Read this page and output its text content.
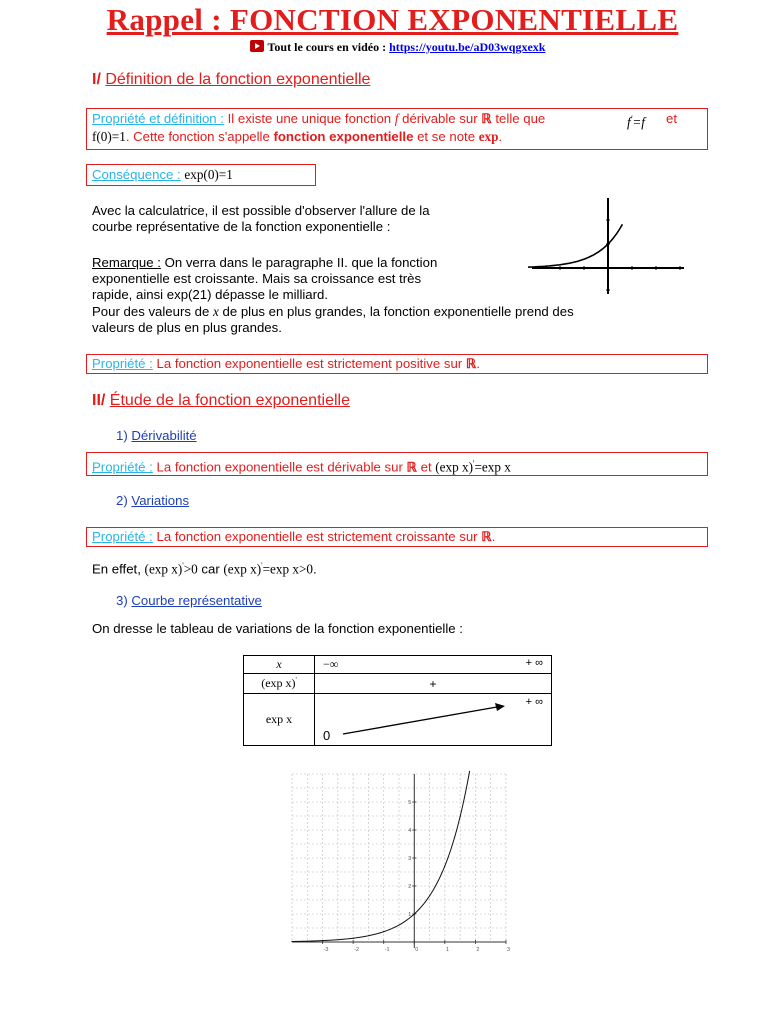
Rappel : FONCTION EXPONENTIELLE
Tout le cours en vidéo : https://youtu.be/aD03wqgxexk
I/ Définition de la fonction exponentielle
Propriété et définition : Il existe une unique fonction f dérivable sur ℝ telle que	f'=f et
f(0)=1. Cette fonction s'appelle fonction exponentielle et se note exp.
Conséquence : exp(0)=1
Avec la calculatrice, il est possible d'observer l'allure de la
courbe représentative de la fonction exponentielle :
Remarque : On verra dans le paragraphe II. que la fonction
exponentielle est croissante. Mais sa croissance est très
rapide, ainsi exp(21) dépasse le milliard.
Pour des valeurs de x de plus en plus grandes, la fonction exponentielle prend des
valeurs de plus en plus grandes.
Propriété : La fonction exponentielle est strictement positive sur ℝ.
II/ Étude de la fonction exponentielle
1) Dérivabilité
Propriété : La fonction exponentielle est dérivable sur ℝ et (exp x)'=exp x
2) Variations
Propriété : La fonction exponentielle est strictement croissante sur ℝ.
En effet, (exp x)'>0 car (exp x)'=exp x>0.
3) Courbe représentative
On dresse le tableau de variations de la fonction exponentielle :
x	−∞ + ∞

(exp x)'	+
exp x	+ ∞
0
-3	-2	-1	0	1	2	3
1
2
3
4
5
